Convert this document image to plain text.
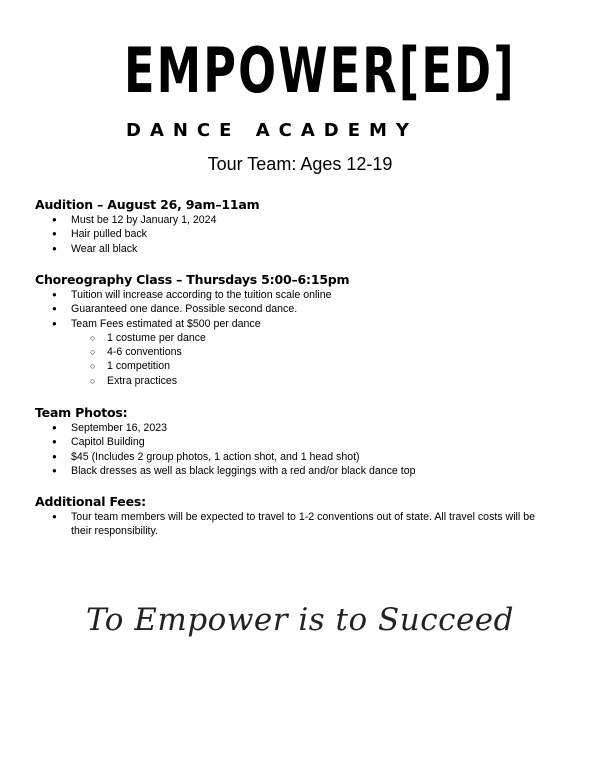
EMPOWER[ED]
DANCE ACADEMY
Tour Team: Ages 12-19
Audition – August 26, 9am–11am
● Must be 12 by January 1, 2024
● Hair pulled back
● Wear all black
Choreography Class – Thursdays 5:00–6:15pm
● Tuition will increase according to the tuition scale online
● Guaranteed one dance. Possible second dance.
● Team Fees estimated at $500 per dance
○ 1 costume per dance
○ 4-6 conventions
○ 1 competition
○ Extra practices
Team Photos:
● September 16, 2023
● Capitol Building
● $45 (Includes 2 group photos, 1 action shot, and 1 head shot)
● Black dresses as well as black leggings with a red and/or black dance top
Additional Fees:
● Tour team members will be expected to travel to 1-2 conventions out of state. All travel costs will be their responsibility.
To Empower is to Succeed
